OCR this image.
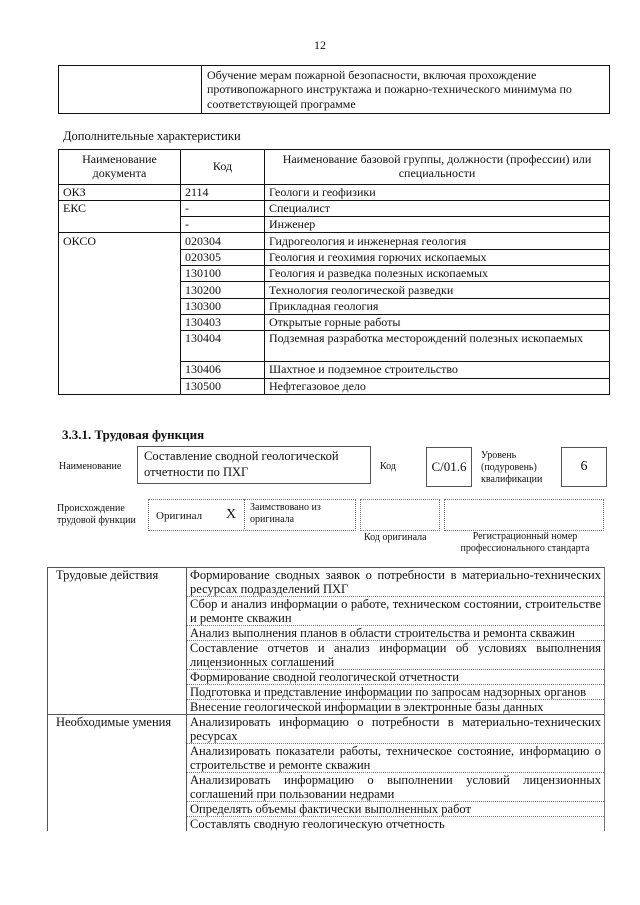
12
	Обучение мерам пожарной безопасности, включая прохождение противопожарного инструктажа и пожарно-технического минимума по соответствующей программе
Дополнительные характеристики
Наименование документа	Код	Наименование базовой группы, должности (профессии) или специальности
ОКЗ	2114	Геологи и геофизики
ЕКС	-	Специалист
	-	Инженер
ОКСО	020304	Гидрогеология и инженерная геология
	020305	Геология и геохимия горючих ископаемых
	130100	Геология и разведка полезных ископаемых
	130200	Технология геологической разведки
	130300	Прикладная геология
	130403	Открытые горные работы
	130404	Подземная разработка месторождений полезных ископаемых
	130406	Шахтное и подземное строительство
	130500	Нефтегазовое дело
3.3.1. Трудовая функция
Наименование
Составление сводной геологической отчетности по ПХГ	Код	С/01.6
Уровень (подуровень) квалификации
6
Происхождение трудовой функции	Оригинал X Заимствовано из оригинала
Код оригинала	Регистрационный номер профессионального стандарта
Трудовые действия	Формирование сводных заявок о потребности в материально-технических ресурсах подразделений ПХГ
	Сбор и анализ информации о работе, техническом состоянии, строительстве и ремонте скважин
	Анализ выполнения планов в области строительства и ремонта скважин
	Составление отчетов и анализ информации об условиях выполнения лицензионных соглашений
	Формирование сводной геологической отчетности
	Подготовка и представление информации по запросам надзорных органов
	Внесение геологической информации в электронные базы данных
Необходимые умения	Анализировать информацию о потребности в материально-технических ресурсах
	Анализировать показатели работы, техническое состояние, информацию о строительстве и ремонте скважин
	Анализировать информацию о выполнении условий лицензионных соглашений при пользовании недрами
	Определять объемы фактически выполненных работ
	Составлять сводную геологическую отчетность
